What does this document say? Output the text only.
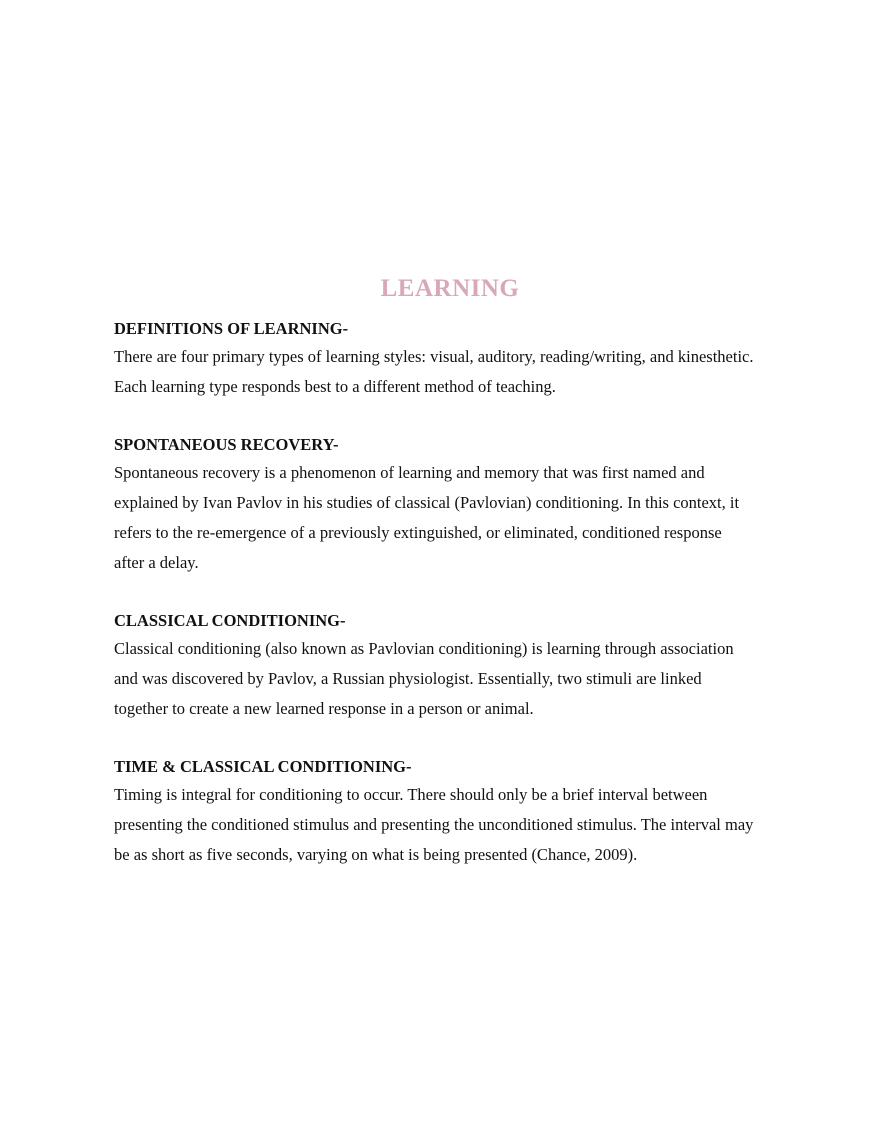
LEARNING
DEFINITIONS OF LEARNING-

There are four primary types of learning styles: visual, auditory, reading/writing, and kinesthetic.
Each learning type responds best to a different method of teaching.

SPONTANEOUS RECOVERY-

Spontaneous recovery is a phenomenon of learning and memory that was first named and
explained by Ivan Pavlov in his studies of classical (Pavlovian) conditioning. In this context, it
refers to the re-emergence of a previously extinguished, or eliminated, conditioned response
after a delay.

CLASSICAL CONDITIONING-

Classical conditioning (also known as Pavlovian conditioning) is learning through association
and was discovered by Pavlov, a Russian physiologist. Essentially, two stimuli are linked
together to create a new learned response in a person or animal.

TIME & CLASSICAL CONDITIONING-

Timing is integral for conditioning to occur. There should only be a brief interval between
presenting the conditioned stimulus and presenting the unconditioned stimulus. The interval may
be as short as five seconds, varying on what is being presented (Chance, 2009).
